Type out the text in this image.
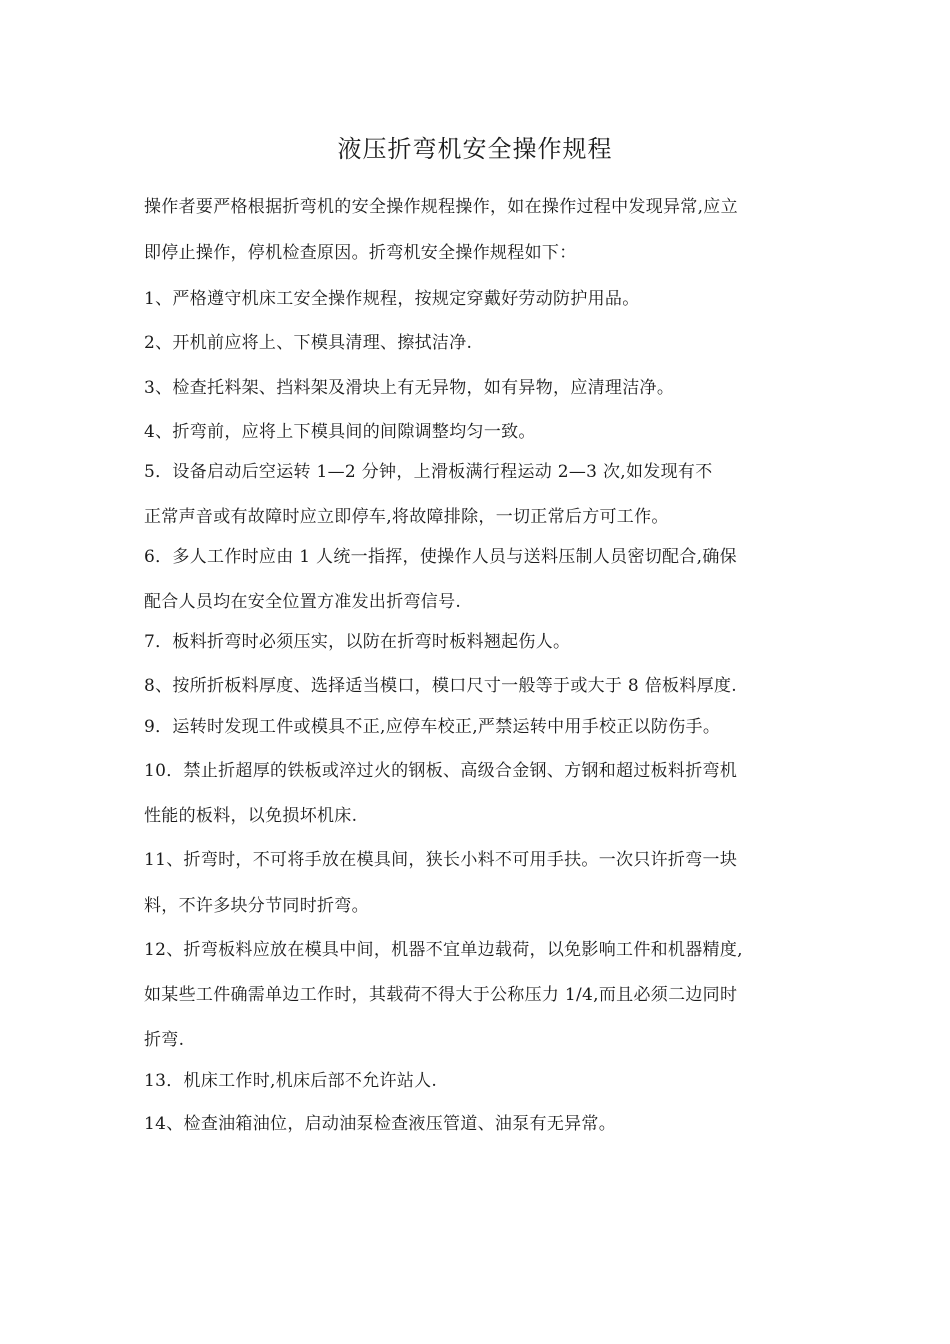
液压折弯机安全操作规程
操作者要严格根据折弯机的安全操作规程操作，如在操作过程中发现异常,应立
即停止操作，停机检查原因。折弯机安全操作规程如下：
1、严格遵守机床工安全操作规程，按规定穿戴好劳动防护用品。
2、开机前应将上、下模具清理、擦拭洁净.
3、检查托料架、挡料架及滑块上有无异物，如有异物，应清理洁净。
4、折弯前，应将上下模具间的间隙调整均匀一致。
5．设备启动后空运转 1—2 分钟，上滑板满行程运动 2—3 次,如发现有不
正常声音或有故障时应立即停车,将故障排除，一切正常后方可工作。
6．多人工作时应由 1 人统一指挥，使操作人员与送料压制人员密切配合,确保
配合人员均在安全位置方准发出折弯信号.
7．板料折弯时必须压实，以防在折弯时板料翘起伤人。
8、按所折板料厚度、选择适当模口，模口尺寸一般等于或大于 8 倍板料厚度.
9．运转时发现工件或模具不正,应停车校正,严禁运转中用手校正以防伤手。
10．禁止折超厚的铁板或淬过火的钢板、高级合金钢、方钢和超过板料折弯机
性能的板料，以免损坏机床.
11、折弯时，不可将手放在模具间，狭长小料不可用手扶。一次只许折弯一块
料，不许多块分节同时折弯。
12、折弯板料应放在模具中间，机器不宜单边载荷，以免影响工件和机器精度,
如某些工件确需单边工作时，其载荷不得大于公称压力 1/4,而且必须二边同时
折弯.
13．机床工作时,机床后部不允许站人.
14、检查油箱油位，启动油泵检查液压管道、油泵有无异常。
